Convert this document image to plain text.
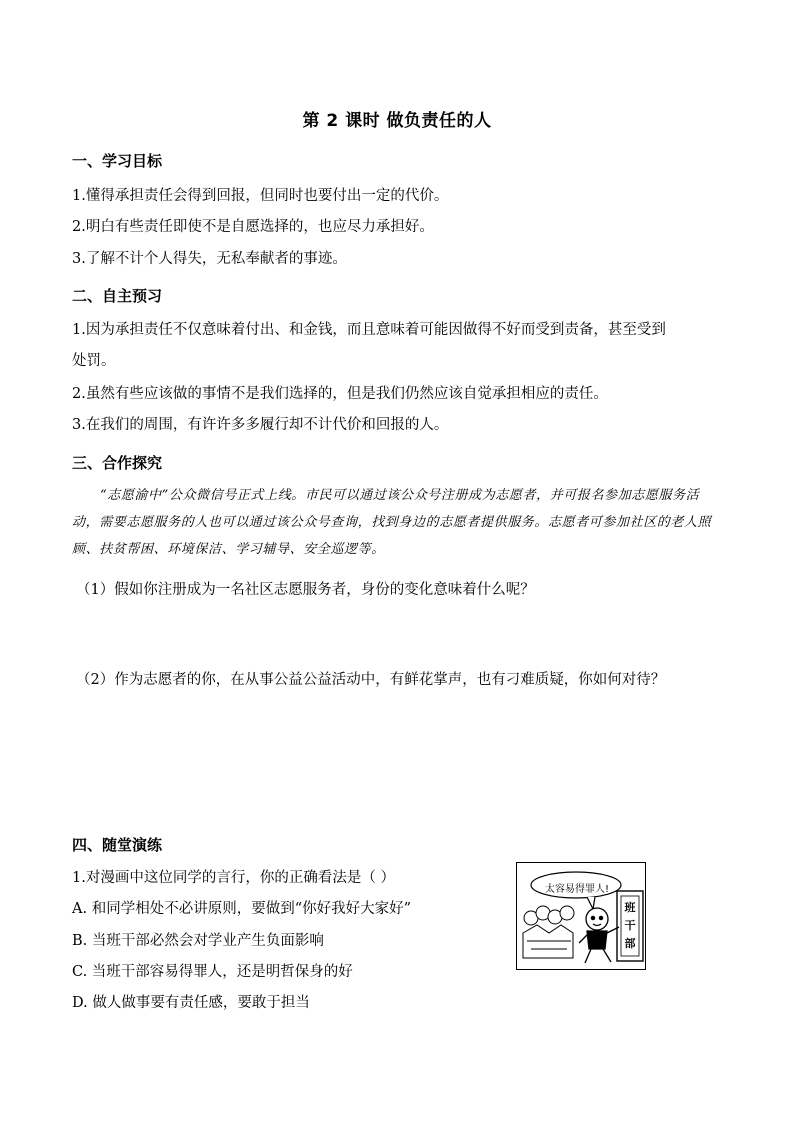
第 2 课时 做负责任的人
一、学习目标
1.懂得承担责任会得到回报，但同时也要付出一定的代价。
2.明白有些责任即使不是自愿选择的，也应尽力承担好。
3.了解不计个人得失，无私奉献者的事迹。
二、自主预习
1.因为承担责任不仅意味着付出、和金钱，而且意味着可能因做得不好而受到责备，甚至受到
处罚。
2.虽然有些应该做的事情不是我们选择的，但是我们仍然应该自觉承担相应的责任。
3.在我们的周围，有许许多多履行却不计代价和回报的人。
三、合作探究
“志愿渝中”公众微信号正式上线。市民可以通过该公众号注册成为志愿者，并可报名参加志愿服务活动，需要志愿服务的人也可以通过该公众号查询，找到身边的志愿者提供服务。志愿者可参加社区的老人照顾、扶贫帮困、环境保洁、学习辅导、安全巡逻等。
（1）假如你注册成为一名社区志愿服务者，身份的变化意味着什么呢？
（2）作为志愿者的你，在从事公益公益活动中，有鲜花掌声，也有刁难质疑，你如何对待？
四、随堂演练
1.对漫画中这位同学的言行，你的正确看法是（ ）
A. 和同学相处不必讲原则，要做到“你好我好大家好”
B. 当班干部必然会对学业产生负面影响
C. 当班干部容易得罪人，还是明哲保身的好
D. 做人做事要有责任感，要敢于担当
太容易得罪人!
班
干
部
